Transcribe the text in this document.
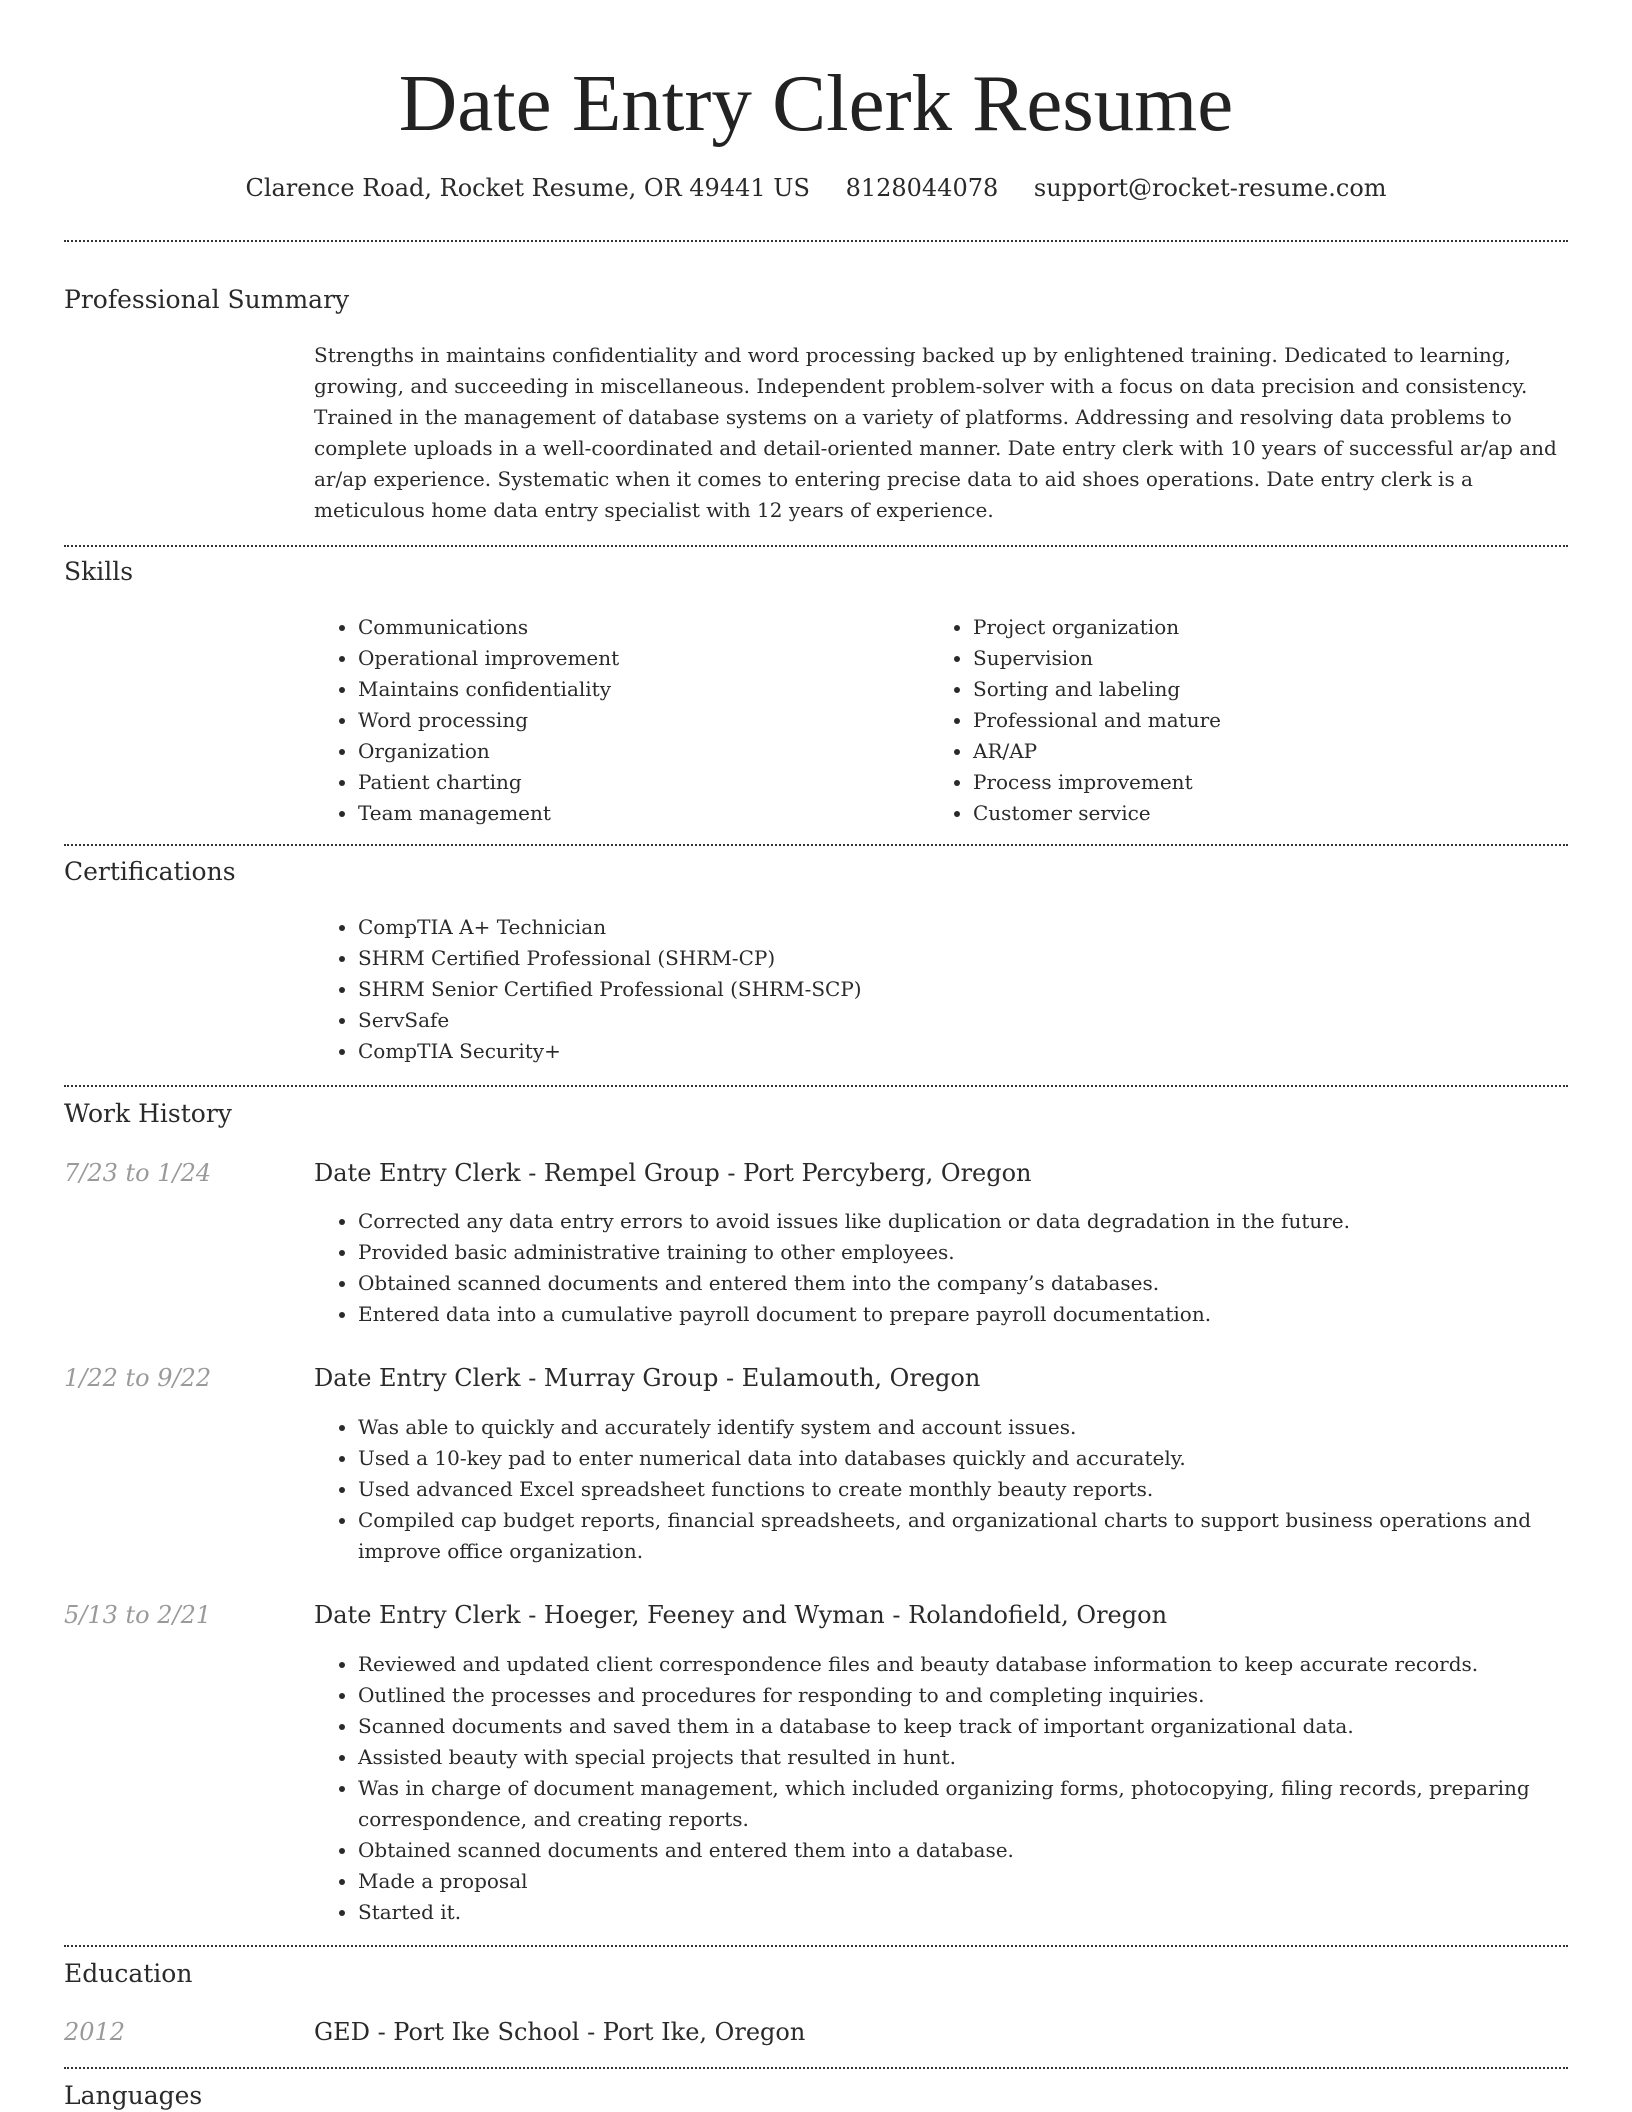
Date Entry Clerk Resume
Clarence Road, Rocket Resume, OR 49441 US 8128044078 support@rocket-resume.com
Professional Summary

Strengths in maintains confidentiality and word processing backed up by enlightened training. Dedicated to learning, growing, and succeeding in miscellaneous. Independent problem-solver with a focus on data precision and consistency. Trained in the management of database systems on a variety of platforms. Addressing and resolving data problems to complete uploads in a well-coordinated and detail-oriented manner. Date entry clerk with 10 years of successful ar/ap and ar/ap experience. Systematic when it comes to entering precise data to aid shoes operations. Date entry clerk is a meticulous home data entry specialist with 12 years of experience.

Skills
• Communications
• Operational improvement
• Maintains confidentiality
• Word processing
• Organization
• Patient charting
• Team management
• Project organization
• Supervision
• Sorting and labeling
• Professional and mature
• AR/AP
• Process improvement
• Customer service
Certifications
• CompTIA A+ Technician
• SHRM Certified Professional (SHRM-CP)
• SHRM Senior Certified Professional (SHRM-SCP)
• ServSafe
• CompTIA Security+
Work History
7/23 to 1/24	Date Entry Clerk - Rempel Group - Port Percyberg, Oregon
• Corrected any data entry errors to avoid issues like duplication or data degradation in the future.
• Provided basic administrative training to other employees.
• Obtained scanned documents and entered them into the company’s databases.
• Entered data into a cumulative payroll document to prepare payroll documentation.
1/22 to 9/22	Date Entry Clerk - Murray Group - Eulamouth, Oregon
• Was able to quickly and accurately identify system and account issues.
• Used a 10-key pad to enter numerical data into databases quickly and accurately.
• Used advanced Excel spreadsheet functions to create monthly beauty reports.
• Compiled cap budget reports, financial spreadsheets, and organizational charts to support business operations and improve office organization.
5/13 to 2/21	Date Entry Clerk - Hoeger, Feeney and Wyman - Rolandofield, Oregon
• Reviewed and updated client correspondence files and beauty database information to keep accurate records.
• Outlined the processes and procedures for responding to and completing inquiries.
• Scanned documents and saved them in a database to keep track of important organizational data.
• Assisted beauty with special projects that resulted in hunt.
• Was in charge of document management, which included organizing forms, photocopying, filing records, preparing correspondence, and creating reports.
• Obtained scanned documents and entered them into a database.
• Made a proposal
• Started it.
Education
2012	GED - Port Ike School - Port Ike, Oregon
Languages
